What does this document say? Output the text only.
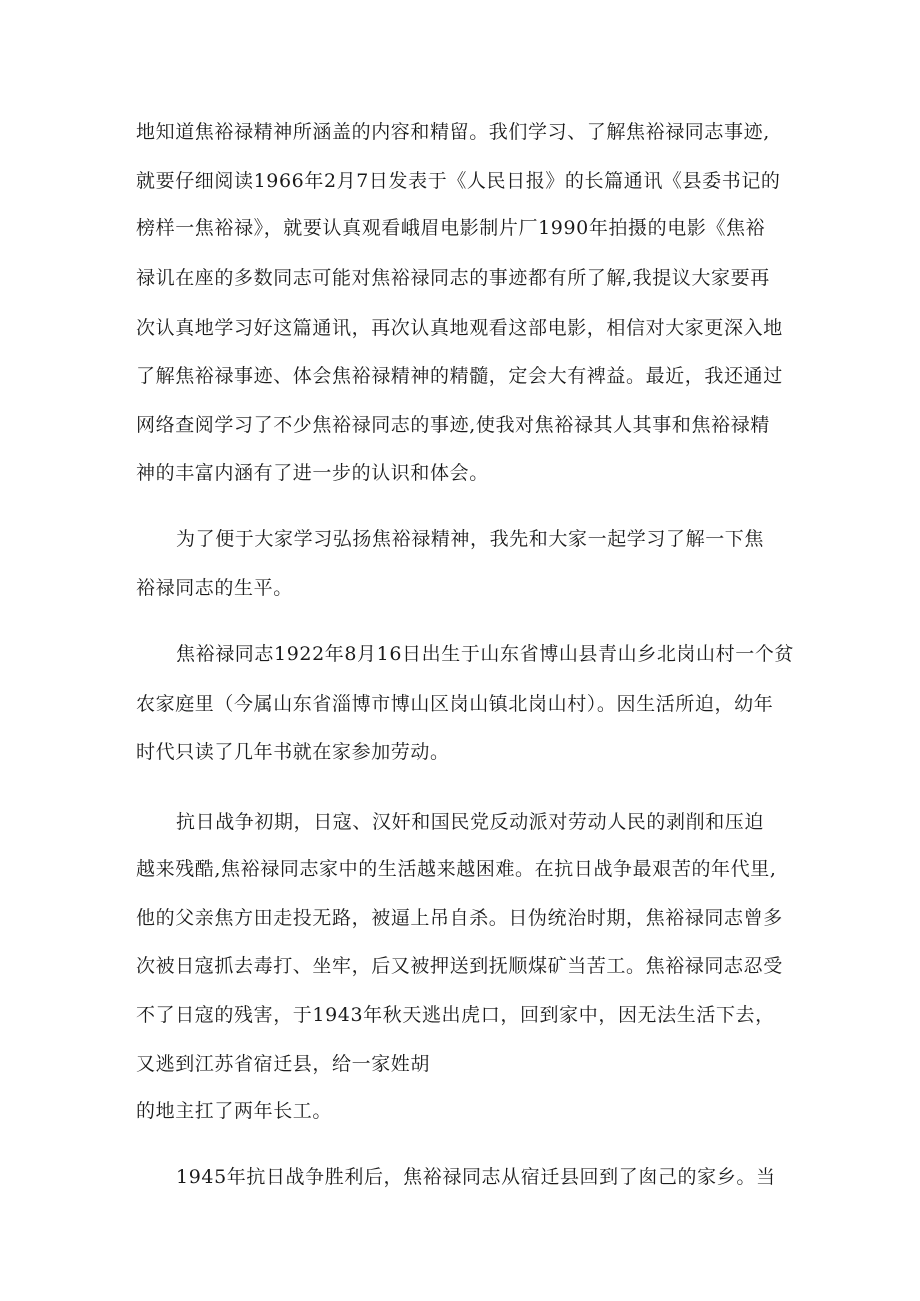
地知道焦裕禄精神所涵盖的内容和精留。我们学习、了解焦裕禄同志事迹,
就要仔细阅读1966年2月7日发表于《人民日报》的长篇通讯《县委书记的
榜样一焦裕禄》，就要认真观看峨眉电影制片厂1990年拍摄的电影《焦裕
禄讥在座的多数同志可能对焦裕禄同志的事迹都有所了解,我提议大家要再
次认真地学习好这篇通讯，再次认真地观看这部电影，相信对大家更深入地
了解焦裕禄事迹、体会焦裕禄精神的精髓，定会大有裨益。最近，我还通过
网络查阅学习了不少焦裕禄同志的事迹,使我对焦裕禄其人其事和焦裕禄精
神的丰富内涵有了进一步的认识和体会。
为了便于大家学习弘扬焦裕禄精神，我先和大家一起学习了解一下焦
裕禄同志的生平。
焦裕禄同志1922年8月16日出生于山东省博山县青山乡北岗山村一个贫
农家庭里（今属山东省淄博市博山区岗山镇北岗山村）。因生活所迫，幼年
时代只读了几年书就在家参加劳动。
抗日战争初期，日寇、汉奸和国民党反动派对劳动人民的剥削和压迫
越来残酷,焦裕禄同志家中的生活越来越困难。在抗日战争最艰苦的年代里,
他的父亲焦方田走投无路，被逼上吊自杀。日伪统治时期，焦裕禄同志曾多
次被日寇抓去毒打、坐牢，后又被押送到抚顺煤矿当苦工。焦裕禄同志忍受
不了日寇的残害，于1943年秋天逃出虎口，回到家中，因无法生活下去，
又逃到江苏省宿迁县，给一家姓胡
的地主扛了两年长工。
1945年抗日战争胜利后，焦裕禄同志从宿迁县回到了囱己的家乡。当
